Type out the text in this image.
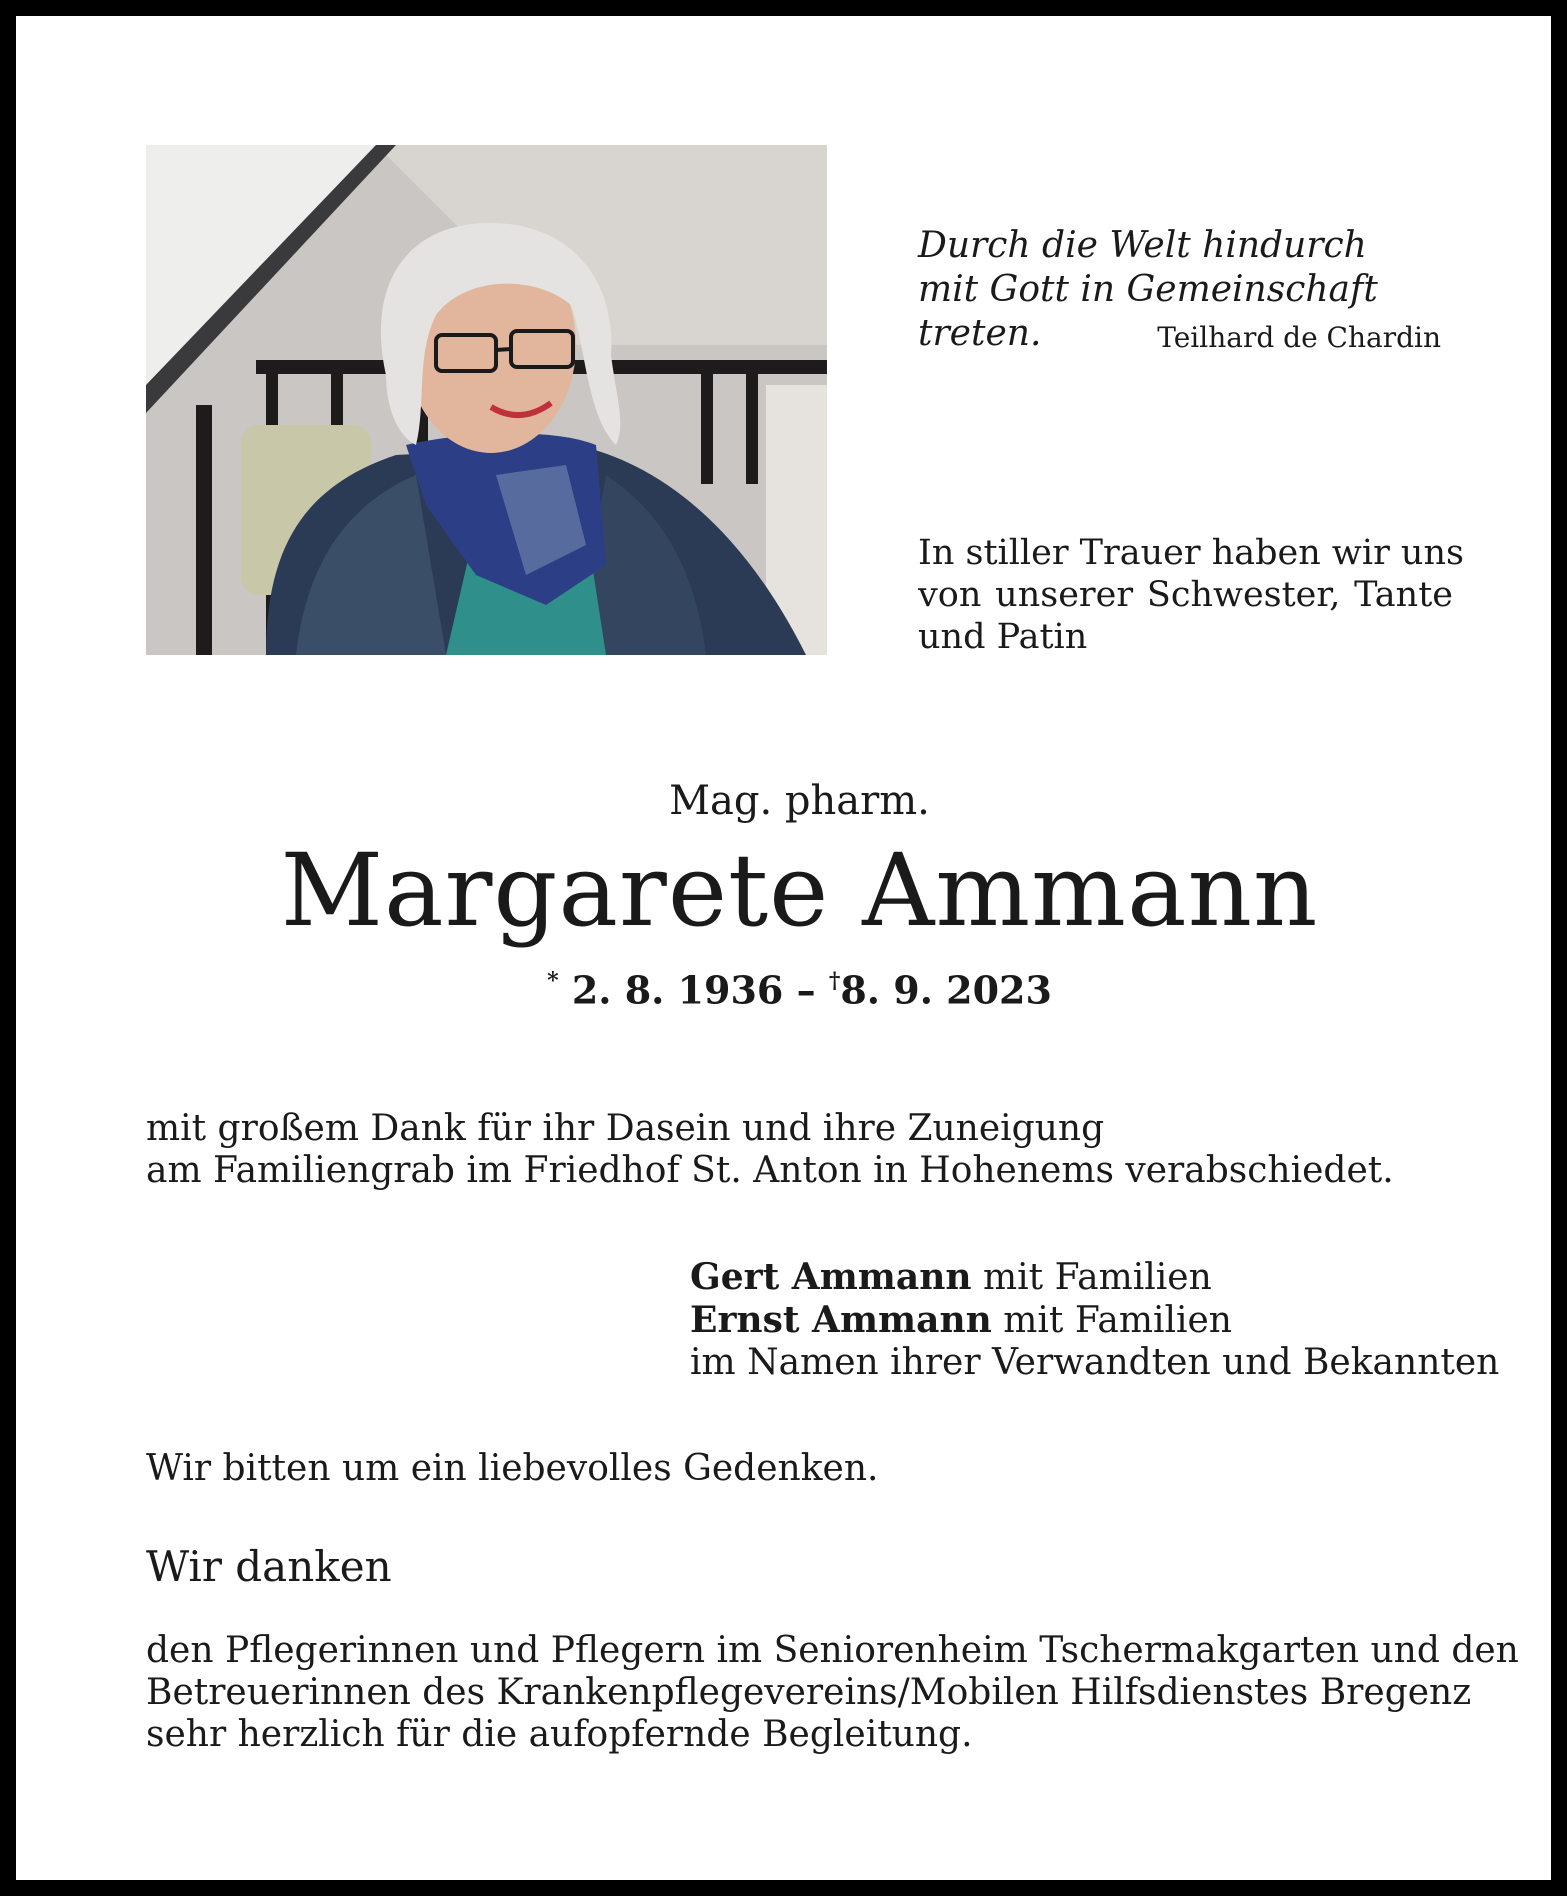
Durch die Welt hindurch
mit Gott in Gemeinschaft treten.	Teilhard de Chardin
In stiller Trauer haben wir uns
von unserer Schwester, Tante
und Patin
Mag. pharm.
Margarete Ammann
* 2. 8. 1936 – †8. 9. 2023
mit großem Dank für ihr Dasein und ihre Zuneigung
am Familiengrab im Friedhof St. Anton in Hohenems verabschiedet.
Gert Ammann mit Familien
Ernst Ammann mit Familien
im Namen ihrer Verwandten und Bekannten
Wir bitten um ein liebevolles Gedenken.
Wir danken
den Pflegerinnen und Pflegern im Seniorenheim Tschermakgarten und den
Betreuerinnen des Krankenpflegevereins/Mobilen Hilfsdienstes Bregenz
sehr herzlich für die aufopfernde Begleitung.
